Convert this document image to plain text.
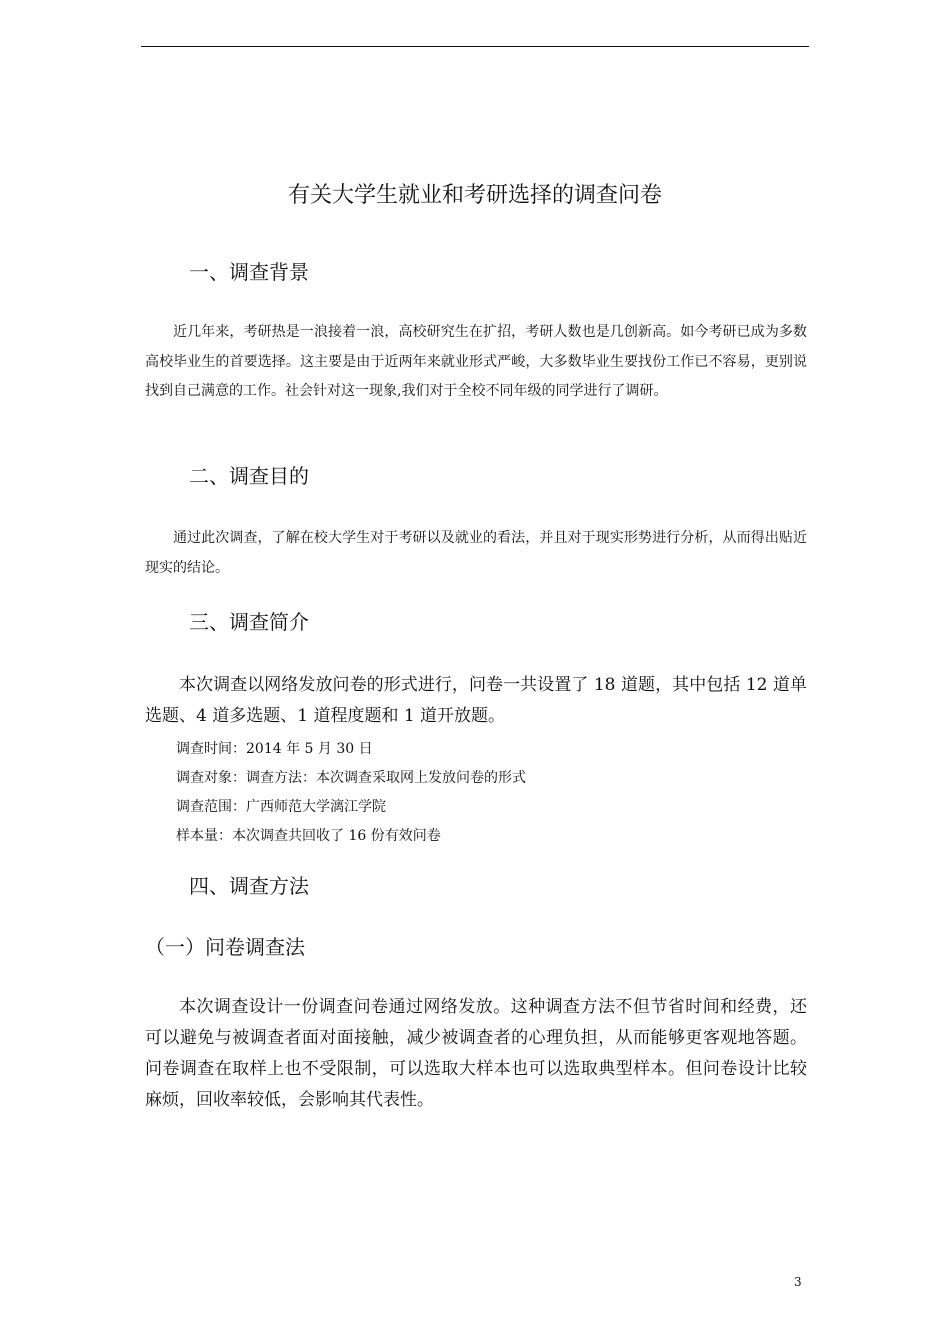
有关大学生就业和考研选择的调查问卷
一、调查背景

近几年来，考研热是一浪接着一浪，高校研究生在扩招，考研人数也是几创新高。如今考研已成为多数高校毕业生的首要选择。这主要是由于近两年来就业形式严峻，大多数毕业生要找份工作已不容易，更别说找到自己满意的工作。社会针对这一现象,我们对于全校不同年级的同学进行了调研。

二、调查目的

通过此次调查，了解在校大学生对于考研以及就业的看法，并且对于现实形势进行分析，从而得出贴近现实的结论。

三、调查简介

本次调查以网络发放问卷的形式进行，问卷一共设置了 18 道题，其中包括 12 道单选题、4 道多选题、1 道程度题和 1 道开放题。

调查时间：2014 年 5 月 30 日
调查对象：调查方法：本次调查采取网上发放问卷的形式
调查范围：广西师范大学漓江学院
样本量：本次调查共回收了 16 份有效问卷
四、调查方法
（一）问卷调查法

本次调查设计一份调查问卷通过网络发放。这种调查方法不但节省时间和经费，还可以避免与被调查者面对面接触，减少被调查者的心理负担，从而能够更客观地答题。问卷调查在取样上也不受限制，可以选取大样本也可以选取典型样本。但问卷设计比较麻烦，回收率较低，会影响其代表性。

3
